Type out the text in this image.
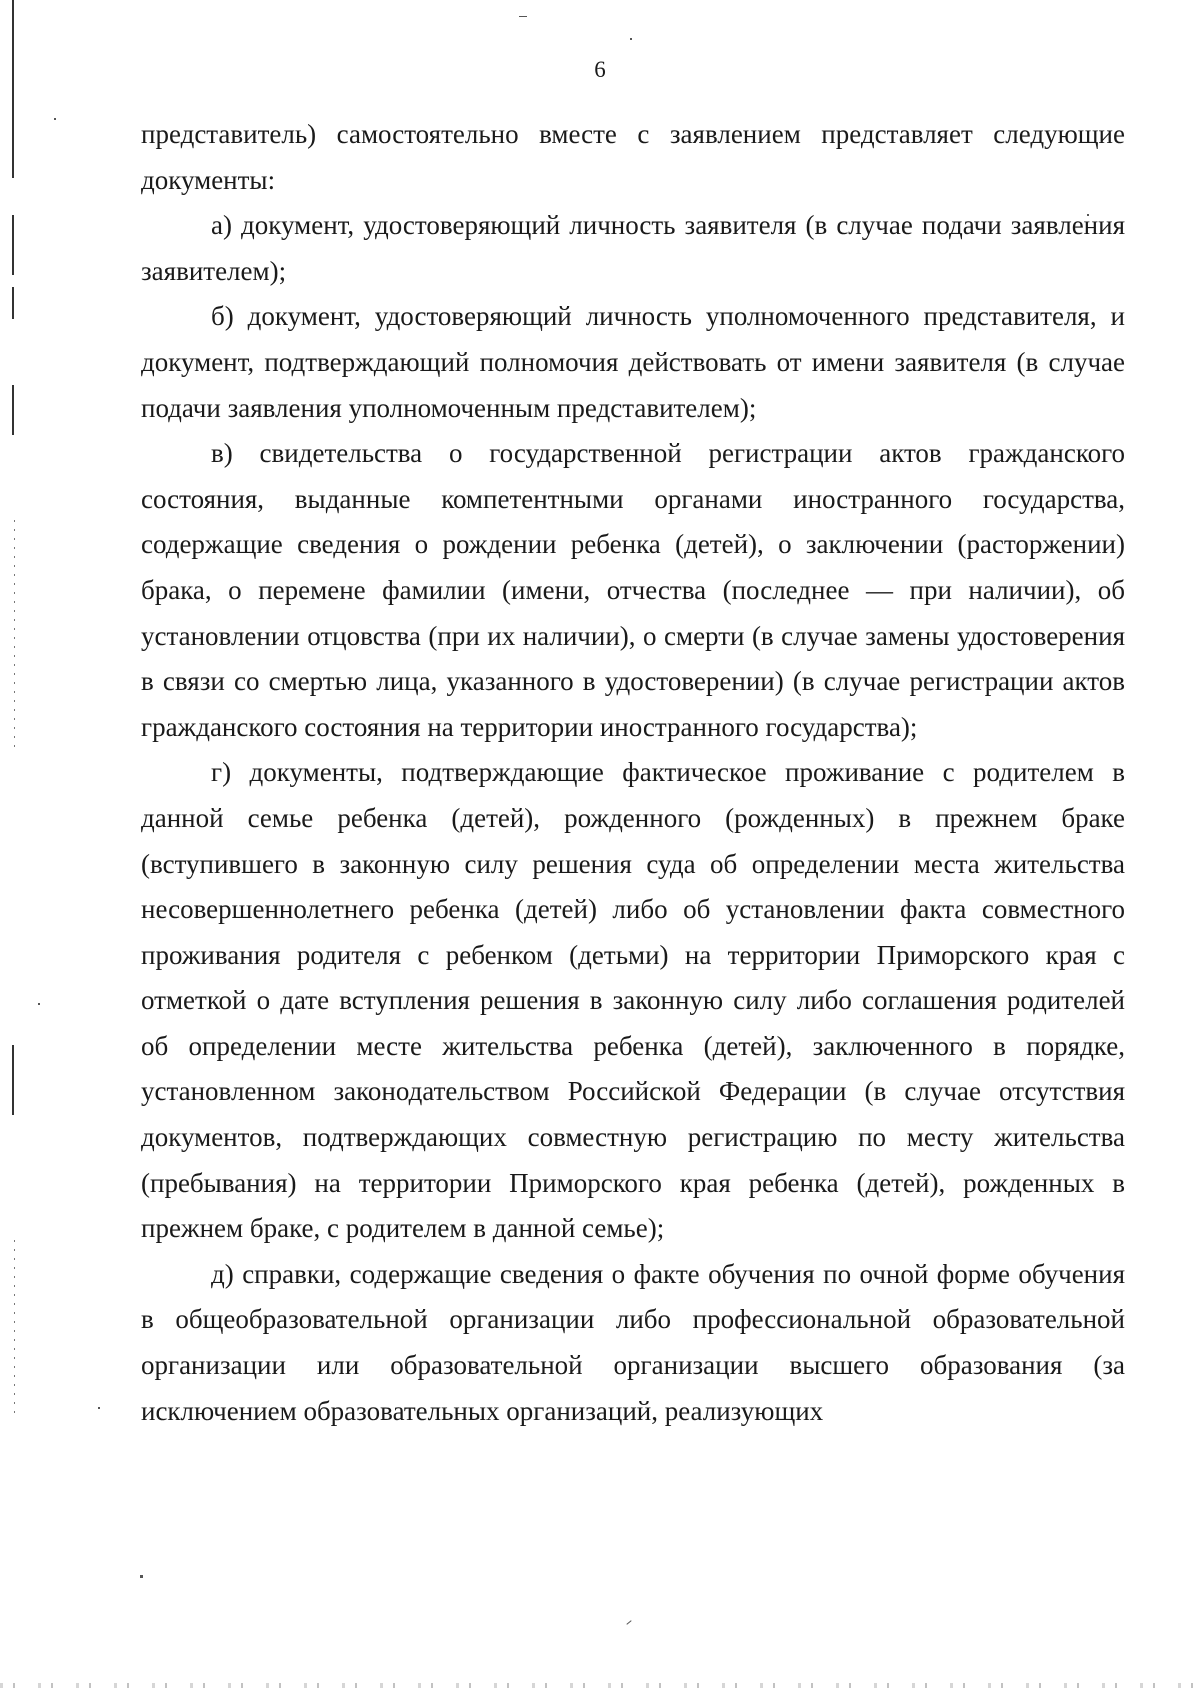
6

представитель) самостоятельно вместе с заявлением представляет следующие документы:

а) документ, удостоверяющий личность заявителя (в случае подачи заявления заявителем);

б) документ, удостоверяющий личность уполномоченного представителя, и документ, подтверждающий полномочия действовать от имени заявителя (в случае подачи заявления уполномоченным представителем);

в) свидетельства о государственной регистрации актов гражданского состояния, выданные компетентными органами иностранного государства, содержащие сведения о рождении ребенка (детей), о заключении (расторжении) брака, о перемене фамилии (имени, отчества (последнее — при наличии), об установлении отцовства (при их наличии), о смерти (в случае замены удостоверения в связи со смертью лица, указанного в удостоверении) (в случае регистрации актов гражданского состояния на территории иностранного государства);

г) документы, подтверждающие фактическое проживание с родителем в данной семье ребенка (детей), рожденного (рожденных) в прежнем браке (вступившего в законную силу решения суда об определении места жительства несовершеннолетнего ребенка (детей) либо об установлении факта совместного проживания родителя с ребенком (детьми) на территории Приморского края с отметкой о дате вступления решения в законную силу либо соглашения родителей об определении месте жительства ребенка (детей), заключенного в порядке, установленном законодательством Российской Федерации (в случае отсутствия документов, подтверждающих совместную регистрацию по месту жительства (пребывания) на территории Приморского края ребенка (детей), рожденных в прежнем браке, с родителем в данной семье);

д) справки, содержащие сведения о факте обучения по очной форме обучения в общеобразовательной организации либо профессиональной образовательной организации или образовательной организации высшего образования (за исключением образовательных организаций, реализующих
